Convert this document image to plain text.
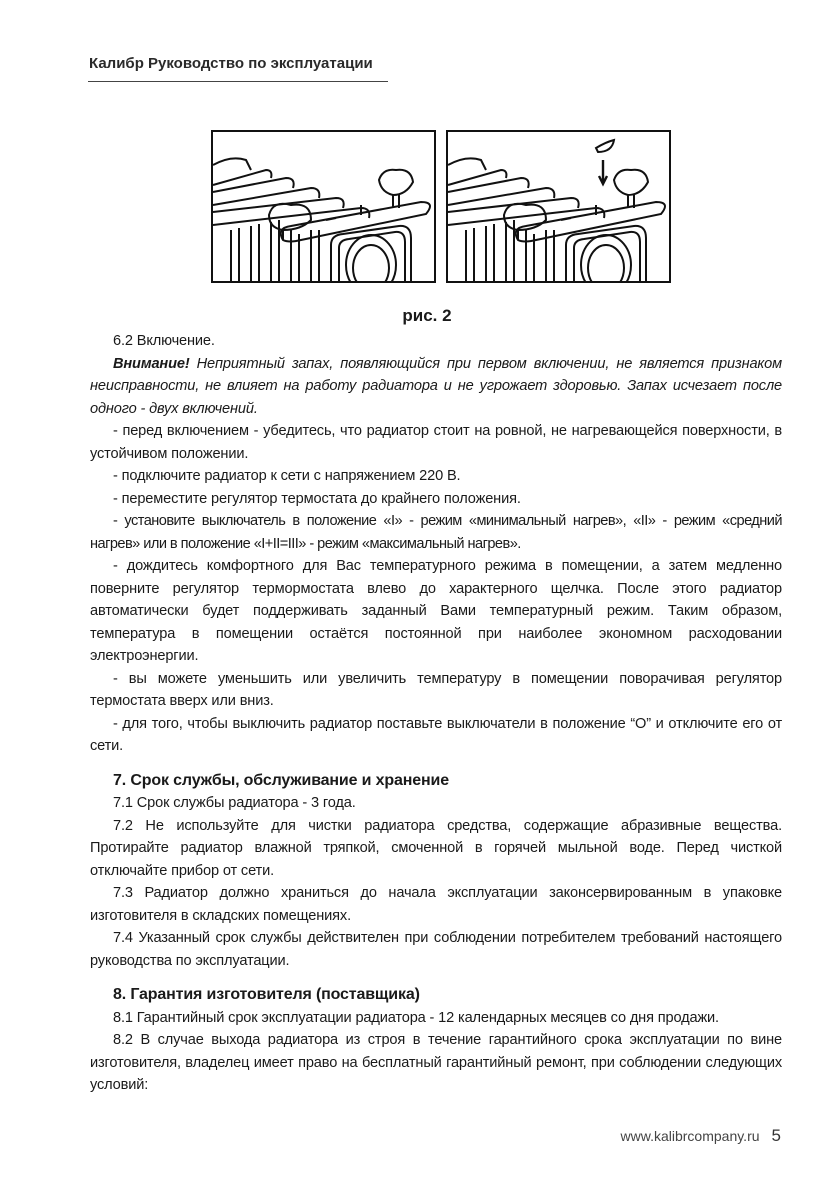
Калибр Руководство по эксплуатации
рис. 2

6.2 Включение.

Внимание! Неприятный запах, появляющийся при первом включении, не является признаком неисправности, не влияет на работу радиатора и не угрожает здоровью. Запах исчезает после одного - двух включений.

- перед включением - убедитесь, что радиатор стоит на ровной, не нагревающейся поверхности, в устойчивом положении.

- подключите радиатор к сети с напряжением 220 В.

- переместите регулятор термостата до крайнего положения.

- установите выключатель в положение «I» - режим «минимальный нагрев», «II» - режим «средний нагрев» или в положение «I+II=III» - режим «максимальный нагрев».

- дождитесь комфортного для Вас температурного режима в помещении, а затем медленно поверните регулятор термормостата влево до характерного щелчка. После этого радиатор автоматически будет поддерживать заданный Вами температурный режим. Таким образом, температура в помещении остаётся постоянной при наиболее экономном расходовании электроэнергии.

- вы можете уменьшить или увеличить температуру в помещении поворачивая регулятор термостата вверх или вниз.

- для того, чтобы выключить радиатор поставьте выключатели в положение “О” и отключите его от сети.

7. Срок службы, обслуживание и хранение

7.1 Срок службы радиатора - 3 года.

7.2 Не используйте для чистки радиатора средства, содержащие абразивные вещества. Протирайте радиатор влажной тряпкой, смоченной в горячей мыльной воде. Перед чисткой отключайте прибор от сети.

7.3 Радиатор должно храниться до начала эксплуатации законсервированным в упаковке изготовителя в складских помещениях.

7.4 Указанный срок службы действителен при соблюдении потребителем требований настоящего руководства по эксплуатации.

8. Гарантия изготовителя (поставщика)

8.1 Гарантийный срок эксплуатации радиатора - 12 календарных месяцев со дня продажи.

8.2 В случае выхода радиатора из строя в течение гарантийного срока эксплуатации по вине изготовителя, владелец имеет право на бесплатный гарантийный ремонт, при соблюдении следующих условий:

www.kalibrcompany.ru 5
